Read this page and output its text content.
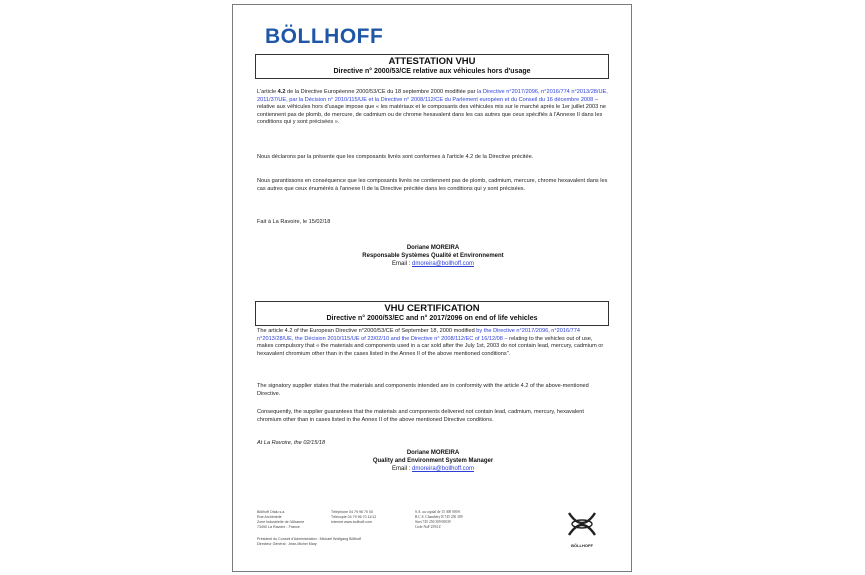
BÖLLHOFF
ATTESTATION VHU
Directive n° 2000/53/CE relative aux véhicules hors d'usage
L'article 4.2 de la Directive Européenne 2000/53/CE du 18 septembre 2000 modifiée par la Directive n°2017/2096, n°2016/774 n°2013/28/UE, 2011/37/UE, par la Décision n° 2010/115/UE et la Directive n° 2008/112/CE du Parlement européen et du Conseil du 16 décembre 2008 – relative aux véhicules hors d'usage impose que « les matériaux et le composants des véhicules mis sur le marché après le 1er juillet 2003 ne contiennent pas de plomb, de mercure, de cadmium ou de chrome hexavalent dans les cas autres que ceux spécifiés à l'Annexe II dans les conditions qui y sont précisées ».
Nous déclarons par la présente que les composants livrés sont conformes à l'article 4.2 de la Directive précitée.
Nous garantissons en conséquence que les composants livrés ne contiennent pas de plomb, cadmium, mercure, chrome hexavalent dans les cas autres que ceux énumérés à l'annexe II de la Directive précitée dans les conditions qui y sont précisées.
Fait à La Ravoire, le 15/02/18
Doriane MOREIRA
Responsable Systèmes Qualité et Environnement
Email : dmoreira@bollhoff.com
VHU CERTIFICATION
Directive n° 2000/53/EC and n° 2017/2096 on end of life vehicles
The article 4.2 of the European Directive n°2000/53/CE of September 18, 2000 modified by the Directive n°2017/2096, n°2016/774 n°2013/28/UE, the Décision 2010/115/UE of 23/02/10 and the Directive n° 2008/112/EC of 16/12/08 – relating to the vehicles out of use, makes compulsory that « the materials and components used in a car sold after the July 1st, 2003 do not contain lead, mercury, cadmium or hexavalent chromium other than in the cases listed in the Annex II of the above mentioned conditions".
The signatory supplier states that the materials and components intended are in conformity with the article 4.2 of the above-mentioned Directive.
Consequently, the supplier guarantees that the materials and components delivered not contain lead, cadmium, mercury, hexavalent chromium other than in cases listed in the Annex II of the above mentioned Directive conditions.
At La Ravoire, the 02/15/18
Doriane MOREIRA
Quality and Environment System Manager
Email : dmoreira@bollhoff.com
Böllhoff Otalu s.a.
Rue Archimède
Zone Industrielle de l'Albanne
73490 La Ravoire - France
Téléphone 04 79 96 70 00
Télécopie 04 79 96 70 11/12
Internet www.bollhoff.com
S.A. au capital de 15 300 000 €
R.C.S. Chambéry B 745 250 309
Siret 745 250 309 00039
Code NaF 2594 Z
Président du Conseil d'Administration : Michael Wolfgang Böllhoff
Directeur Général : Jean-Michel Mary	BÖLLHOFF
